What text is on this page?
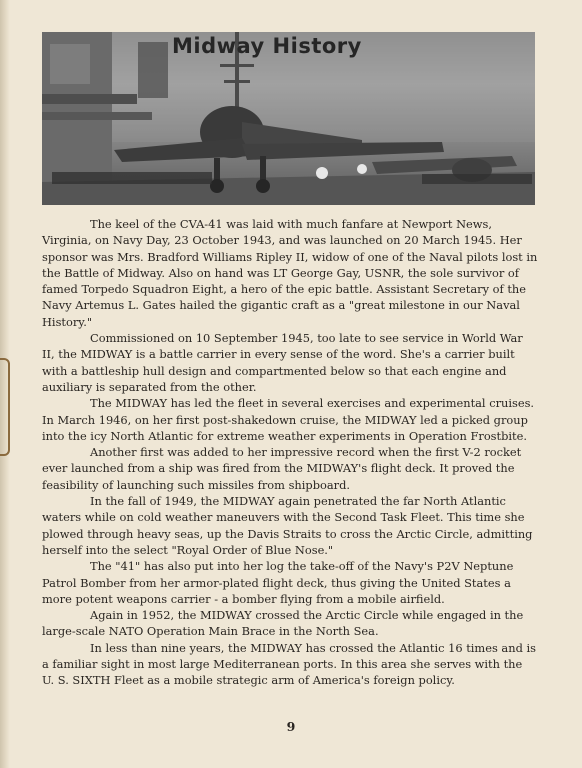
Midway History

The keel of the CVA-41 was laid with much fanfare at Newport News, Virginia, on Navy Day, 23 October 1943, and was launched on 20 March 1945. Her sponsor was Mrs. Bradford Williams Ripley II, widow of one of the Naval pilots lost in the Battle of Midway. Also on hand was LT George Gay, USNR, the sole survivor of famed Torpedo Squadron Eight, a hero of the epic battle. Assistant Secretary of the Navy Artemus L. Gates hailed the gigantic craft as a "great milestone in our Naval History."

Commissioned on 10 September 1945, too late to see service in World War II, the MIDWAY is a battle carrier in every sense of the word. She's a carrier built with a battleship hull design and compartmented below so that each engine and auxiliary is separated from the other.

The MIDWAY has led the fleet in several exercises and experimental cruises. In March 1946, on her first post-shakedown cruise, the MIDWAY led a picked group into the icy North Atlantic for extreme weather experiments in Operation Frostbite.

Another first was added to her impressive record when the first V-2 rocket ever launched from a ship was fired from the MIDWAY's flight deck. It proved the feasibility of launching such missiles from shipboard.

In the fall of 1949, the MIDWAY again penetrated the far North Atlantic waters while on cold weather maneuvers with the Second Task Fleet. This time she plowed through heavy seas, up the Davis Straits to cross the Arctic Circle, admitting herself into the select "Royal Order of Blue Nose."

The "41" has also put into her log the take-off of the Navy's P2V Neptune Patrol Bomber from her armor-plated flight deck, thus giving the United States a more potent weapons carrier - a bomber flying from a mobile airfield.

Again in 1952, the MIDWAY crossed the Arctic Circle while engaged in the large-scale NATO Operation Main Brace in the North Sea.

In less than nine years, the MIDWAY has crossed the Atlantic 16 times and is a familiar sight in most large Mediterranean ports. In this area she serves with the U. S. SIXTH Fleet as a mobile strategic arm of America's foreign policy.

9
